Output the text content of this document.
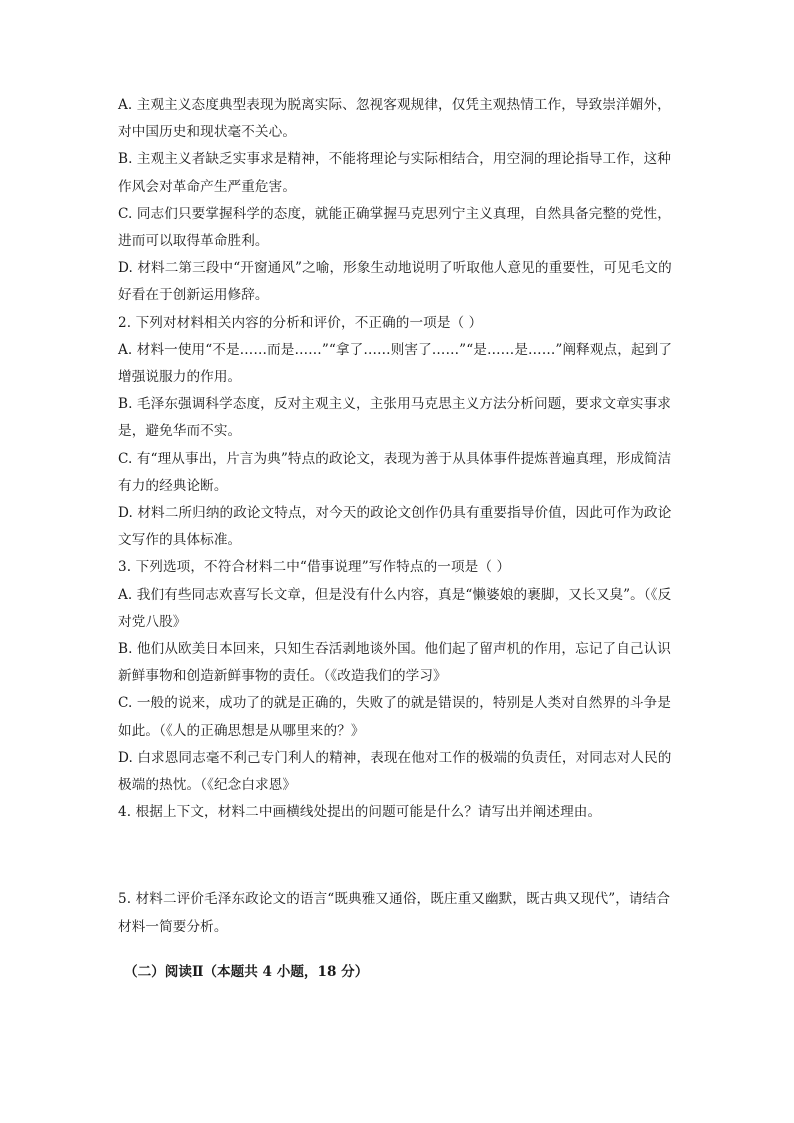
A. 主观主义态度典型表现为脱离实际、忽视客观规律，仅凭主观热情工作，导致崇洋媚外，对中国历史和现状毫不关心。

B. 主观主义者缺乏实事求是精神，不能将理论与实际相结合，用空洞的理论指导工作，这种作风会对革命产生严重危害。

C. 同志们只要掌握科学的态度，就能正确掌握马克思列宁主义真理，自然具备完整的党性，进而可以取得革命胜利。

D. 材料二第三段中“开窗通风”之喻，形象生动地说明了听取他人意见的重要性，可见毛文的好看在于创新运用修辞。

2. 下列对材料相关内容的分析和评价，不正确的一项是（ ）

A. 材料一使用“不是……而是……”“拿了……则害了……”“是……是……”阐释观点，起到了增强说服力的作用。

B. 毛泽东强调科学态度，反对主观主义，主张用马克思主义方法分析问题，要求文章实事求是，避免华而不实。

C. 有“理从事出，片言为典”特点的政论文，表现为善于从具体事件提炼普遍真理，形成简洁有力的经典论断。

D. 材料二所归纳的政论文特点，对今天的政论文创作仍具有重要指导价值，因此可作为政论文写作的具体标准。

3. 下列选项，不符合材料二中“借事说理”写作特点的一项是（ ）

A. 我们有些同志欢喜写长文章，但是没有什么内容，真是“懒婆娘的裹脚，又长又臭”。（《反对党八股》

B. 他们从欧美日本回来，只知生吞活剥地谈外国。他们起了留声机的作用，忘记了自己认识新鲜事物和创造新鲜事物的责任。（《改造我们的学习》

C. 一般的说来，成功了的就是正确的，失败了的就是错误的，特别是人类对自然界的斗争是如此。（《人的正确思想是从哪里来的？》

D. 白求恩同志毫不利己专门利人的精神，表现在他对工作的极端的负责任，对同志对人民的极端的热忱。（《纪念白求恩》

4. 根据上下文，材料二中画横线处提出的问题可能是什么？请写出并阐述理由。

5. 材料二评价毛泽东政论文的语言“既典雅又通俗，既庄重又幽默，既古典又现代”，请结合材料一简要分析。

（二）阅读Ⅱ（本题共 4 小题，18 分）
